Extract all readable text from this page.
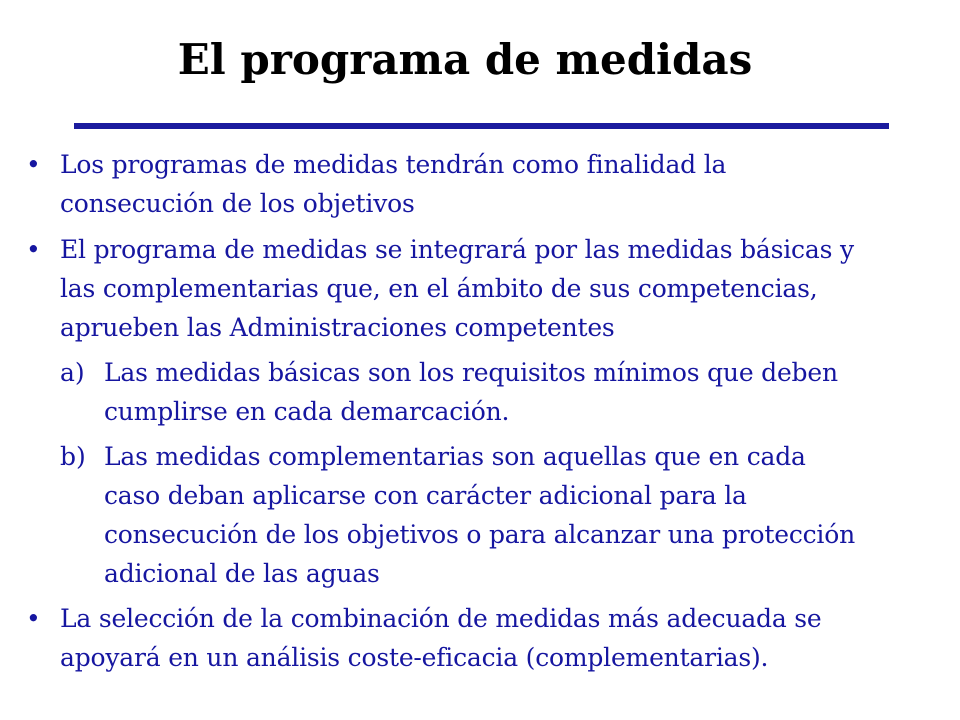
El programa de medidas
• Los programas de medidas tendrán como finalidad la
consecución de los objetivos
• El programa de medidas se integrará por las medidas básicas y
las complementarias que, en el ámbito de sus competencias,
aprueben las Administraciones competentes
a) Las medidas básicas son los requisitos mínimos que deben
cumplirse en cada demarcación.
b) Las medidas complementarias son aquellas que en cada
caso deban aplicarse con carácter adicional para la
consecución de los objetivos o para alcanzar una protección
adicional de las aguas
• La selección de la combinación de medidas más adecuada se
apoyará en un análisis coste-eficacia (complementarias).
